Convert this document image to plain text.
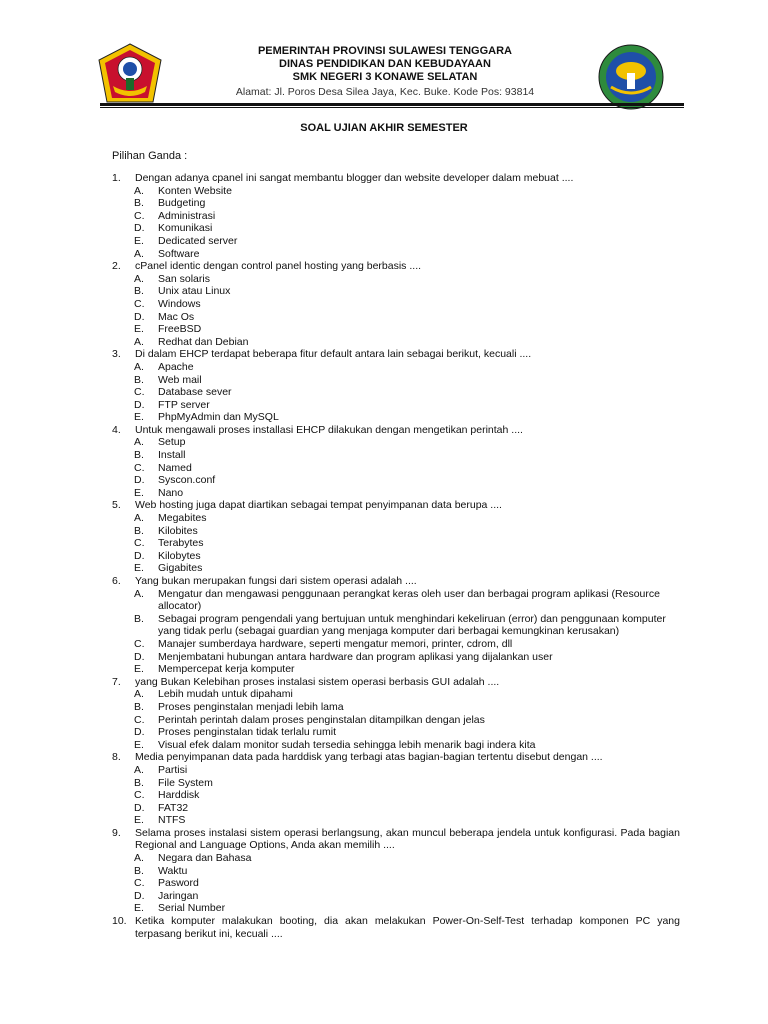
PEMERINTAH PROVINSI SULAWESI TENGGARA
DINAS PENDIDIKAN DAN KEBUDAYAAN
SMK NEGERI 3 KONAWE SELATAN
Alamat: Jl. Poros Desa Silea Jaya, Kec. Buke. Kode Pos: 93814
SOAL UJIAN AKHIR SEMESTER
Pilihan Ganda :
1. Dengan adanya cpanel ini sangat membantu blogger dan website developer dalam mebuat ....
A. Konten Website
B. Budgeting
C. Administrasi
D. Komunikasi
E. Dedicated server
A. Software
2. cPanel identic dengan control panel hosting yang berbasis ....
A. San solaris
B. Unix atau Linux
C. Windows
D. Mac Os
E. FreeBSD
A. Redhat dan Debian
3. Di dalam EHCP terdapat beberapa fitur default antara lain sebagai berikut, kecuali ....
A. Apache
B. Web mail
C. Database sever
D. FTP server
E. PhpMyAdmin dan MySQL
4. Untuk mengawali proses installasi EHCP dilakukan dengan mengetikan perintah ....
A. Setup
B. Install
C. Named
D. Syscon.conf
E. Nano
5. Web hosting juga dapat diartikan sebagai tempat penyimpanan data berupa ....
A. Megabites
B. Kilobites
C. Terabytes
D. Kilobytes
E. Gigabites
6. Yang bukan merupakan fungsi dari sistem operasi adalah ....
A. Mengatur dan mengawasi penggunaan perangkat keras oleh user dan berbagai program aplikasi (Resource allocator)
B. Sebagai program pengendali yang bertujuan untuk menghindari kekeliruan (error) dan penggunaan komputer yang tidak perlu (sebagai guardian yang menjaga komputer dari berbagai kemungkinan kerusakan)
C. Manajer sumberdaya hardware, seperti mengatur memori, printer, cdrom, dll
D. Menjembatani hubungan antara hardware dan program aplikasi yang dijalankan user
E. Mempercepat kerja komputer
7. yang Bukan Kelebihan proses instalasi sistem operasi berbasis GUI adalah ....
A. Lebih mudah untuk dipahami
B. Proses penginstalan menjadi lebih lama
C. Perintah perintah dalam proses penginstalan ditampilkan dengan jelas
D. Proses penginstalan tidak terlalu rumit
E. Visual efek dalam monitor sudah tersedia sehingga lebih menarik bagi indera kita
8. Media penyimpanan data pada harddisk yang terbagi atas bagian-bagian tertentu disebut dengan ....
A. Partisi
B. File System
C. Harddisk
D. FAT32
E. NTFS
9. Selama proses instalasi sistem operasi berlangsung, akan muncul beberapa jendela untuk konfigurasi. Pada bagian Regional and Language Options, Anda akan memilih ....
A. Negara dan Bahasa
B. Waktu
C. Pasword
D. Jaringan
E. Serial Number
10. Ketika komputer malakukan booting, dia akan melakukan Power-On-Self-Test terhadap komponen PC yang terpasang berikut ini, kecuali ....
